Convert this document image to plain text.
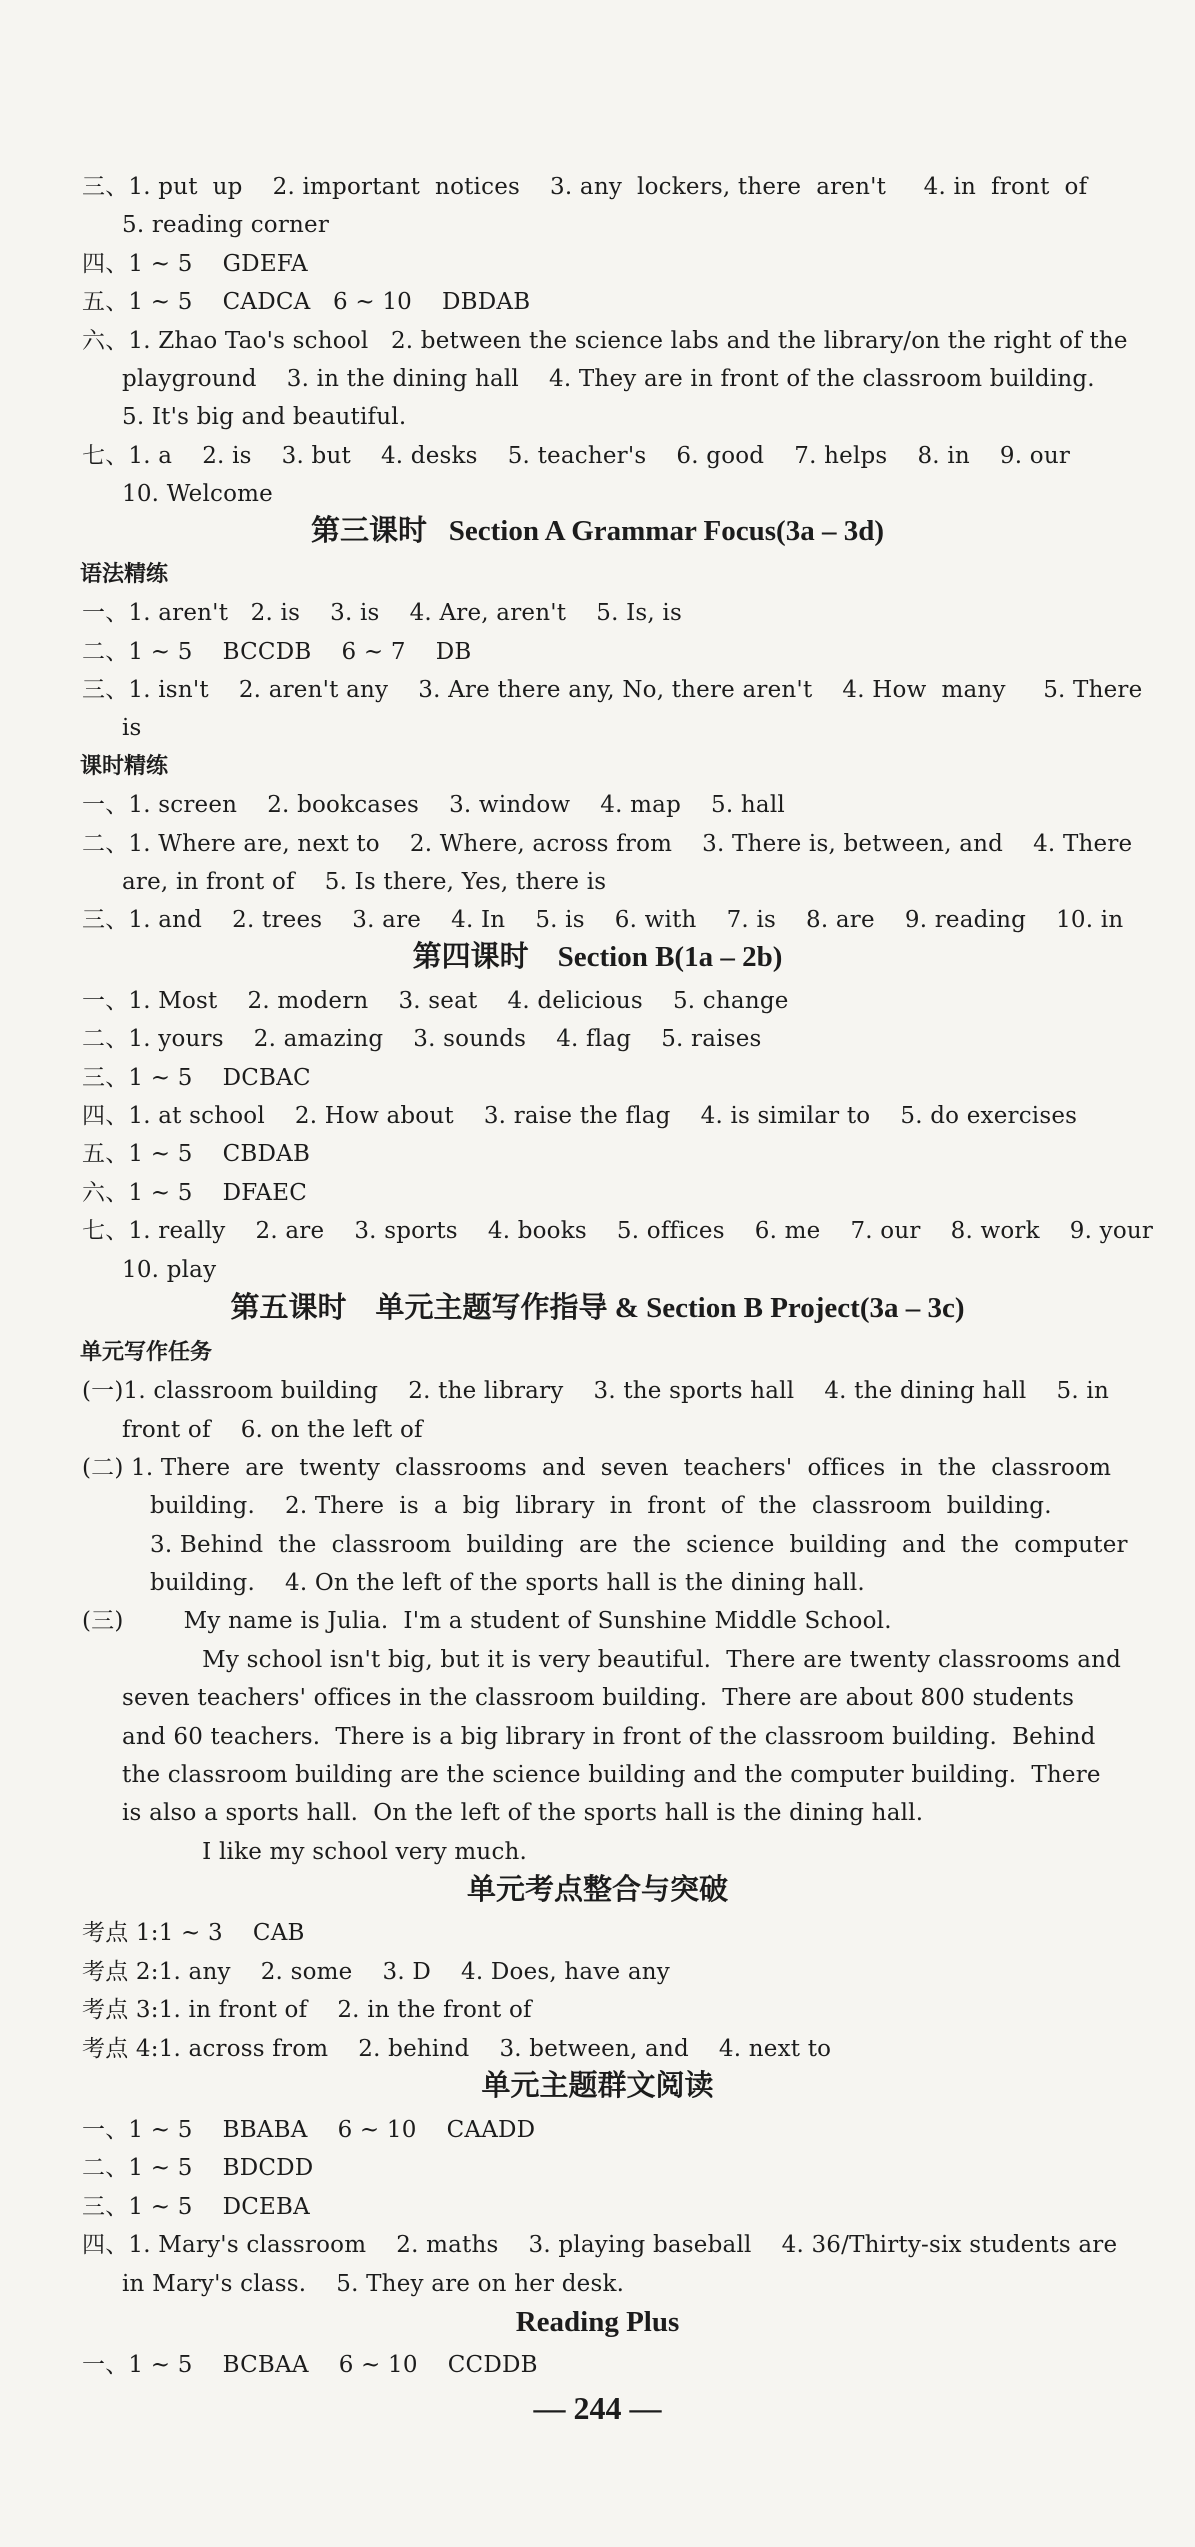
三、1. put  up    2. important  notices    3. any  lockers, there  aren't     4. in  front  of
5. reading corner
四、1 ~ 5    GDEFA
五、1 ~ 5    CADCA   6 ~ 10    DBDAB
六、1. Zhao Tao's school   2. between the science labs and the library/on the right of the
playground    3. in the dining hall    4. They are in front of the classroom building.
5. It's big and beautiful.
七、1. a    2. is    3. but    4. desks    5. teacher's    6. good    7. helps    8. in    9. our
10. Welcome
第三课时   Section A Grammar Focus(3a – 3d)
语法精练
一、1. aren't   2. is    3. is    4. Are, aren't    5. Is, is
二、1 ~ 5    BCCDB    6 ~ 7    DB
三、1. isn't    2. aren't any    3. Are there any, No, there aren't    4. How  many     5. There
is
课时精练
一、1. screen    2. bookcases    3. window    4. map    5. hall
二、1. Where are, next to    2. Where, across from    3. There is, between, and    4. There
are, in front of    5. Is there, Yes, there is
三、1. and    2. trees    3. are    4. In    5. is    6. with    7. is    8. are    9. reading    10. in
第四课时    Section B(1a – 2b)
一、1. Most    2. modern    3. seat    4. delicious    5. change
二、1. yours    2. amazing    3. sounds    4. flag    5. raises
三、1 ~ 5    DCBAC
四、1. at school    2. How about    3. raise the flag    4. is similar to    5. do exercises
五、1 ~ 5    CBDAB
六、1 ~ 5    DFAEC
七、1. really    2. are    3. sports    4. books    5. offices    6. me    7. our    8. work    9. your
10. play
第五课时    单元主题写作指导 & Section B Project(3a – 3c)
单元写作任务
(一)1. classroom building    2. the library    3. the sports hall    4. the dining hall    5. in
front of    6. on the left of
(二) 1. There  are  twenty  classrooms  and  seven  teachers'  offices  in  the  classroom
building.    2. There  is  a  big  library  in  front  of  the  classroom  building.
3. Behind  the  classroom  building  are  the  science  building  and  the  computer
building.    4. On the left of the sports hall is the dining hall.
(三)        My name is Julia.  I'm a student of Sunshine Middle School.
My school isn't big, but it is very beautiful.  There are twenty classrooms and
seven teachers' offices in the classroom building.  There are about 800 students
and 60 teachers.  There is a big library in front of the classroom building.  Behind
the classroom building are the science building and the computer building.  There
is also a sports hall.  On the left of the sports hall is the dining hall.
I like my school very much.
单元考点整合与突破
考点 1:1 ~ 3    CAB
考点 2:1. any    2. some    3. D    4. Does, have any
考点 3:1. in front of    2. in the front of
考点 4:1. across from    2. behind    3. between, and    4. next to
单元主题群文阅读
一、1 ~ 5    BBABA    6 ~ 10    CAADD
二、1 ~ 5    BDCDD
三、1 ~ 5    DCEBA
四、1. Mary's classroom    2. maths    3. playing baseball    4. 36/Thirty-six students are
in Mary's class.    5. They are on her desk.
Reading Plus
一、1 ~ 5    BCBAA    6 ~ 10    CCDDB
— 244 —
